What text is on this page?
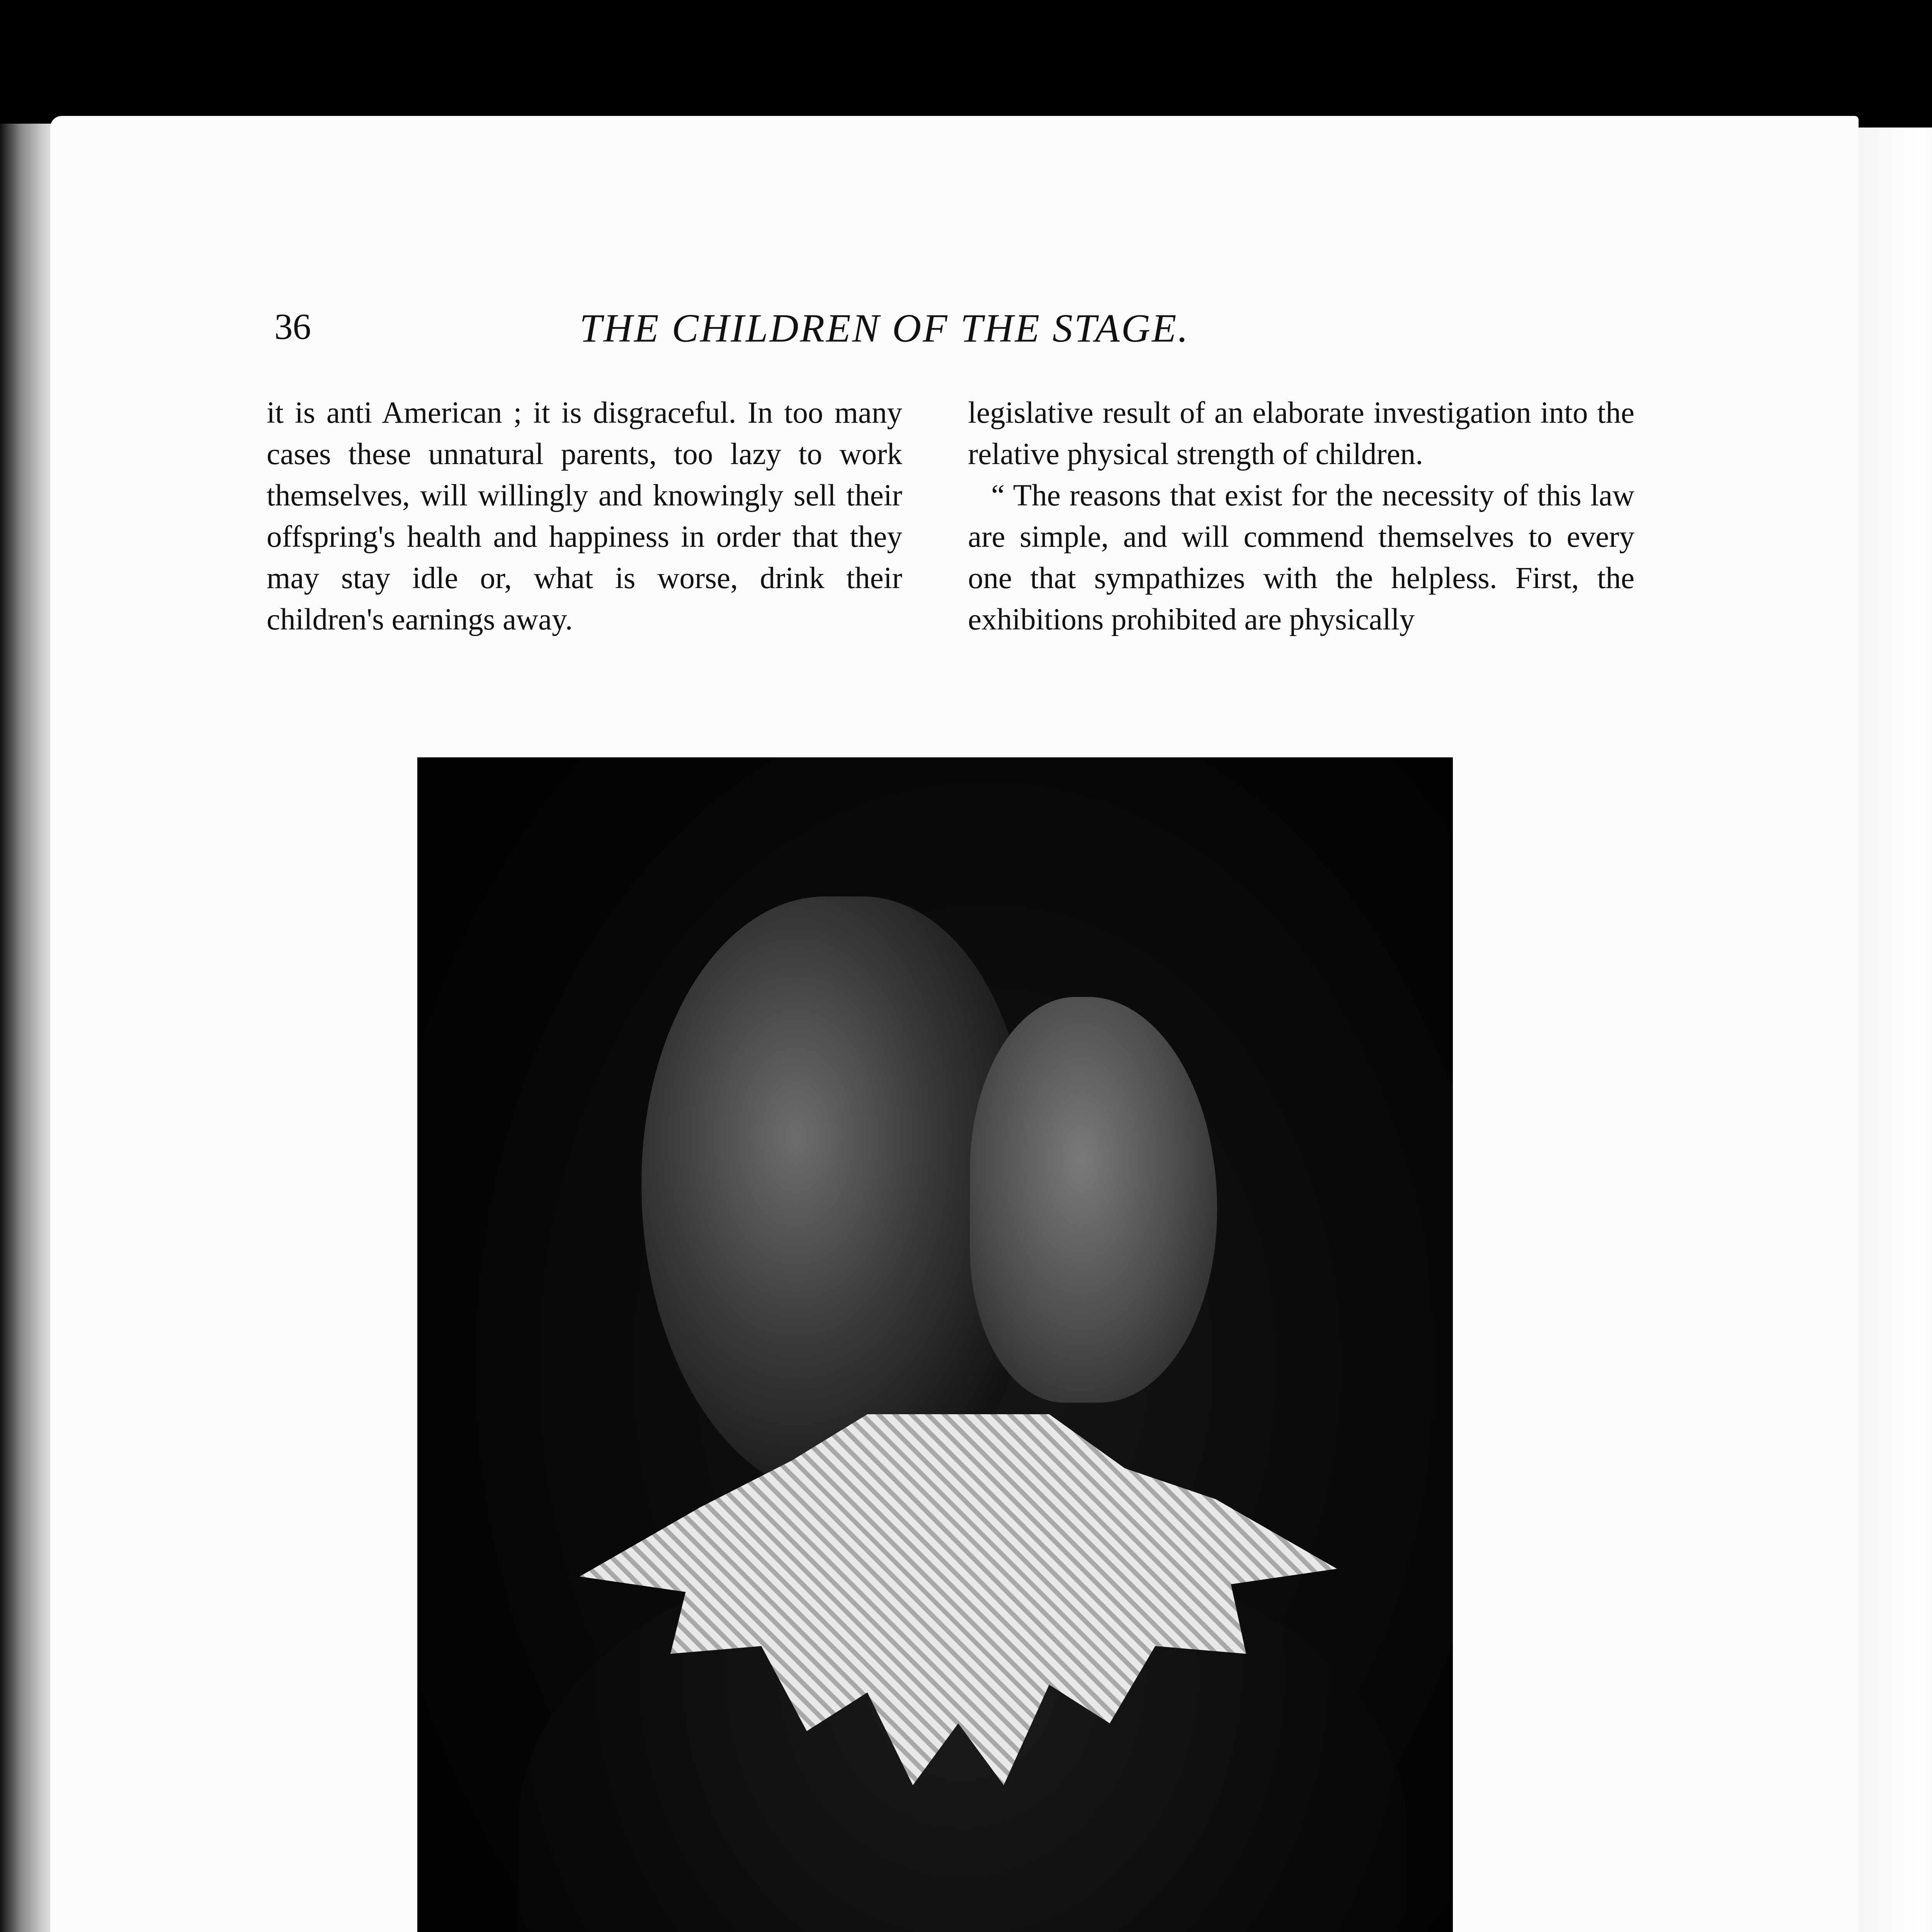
36	THE CHILDREN OF THE STAGE.

it is anti American ; it is disgraceful. In too many cases these unnatural parents, too lazy to work themselves, will willingly and knowingly sell their offspring's health and happiness in order that they may stay idle or, what is worse, drink their children's earnings away.

legislative result of an elaborate investigation into the relative physical strength of children.

“ The reasons that exist for the necessity of this law are simple, and will commend themselves to every one that sympathizes with the helpless. First, the exhibitions prohibited are physically
